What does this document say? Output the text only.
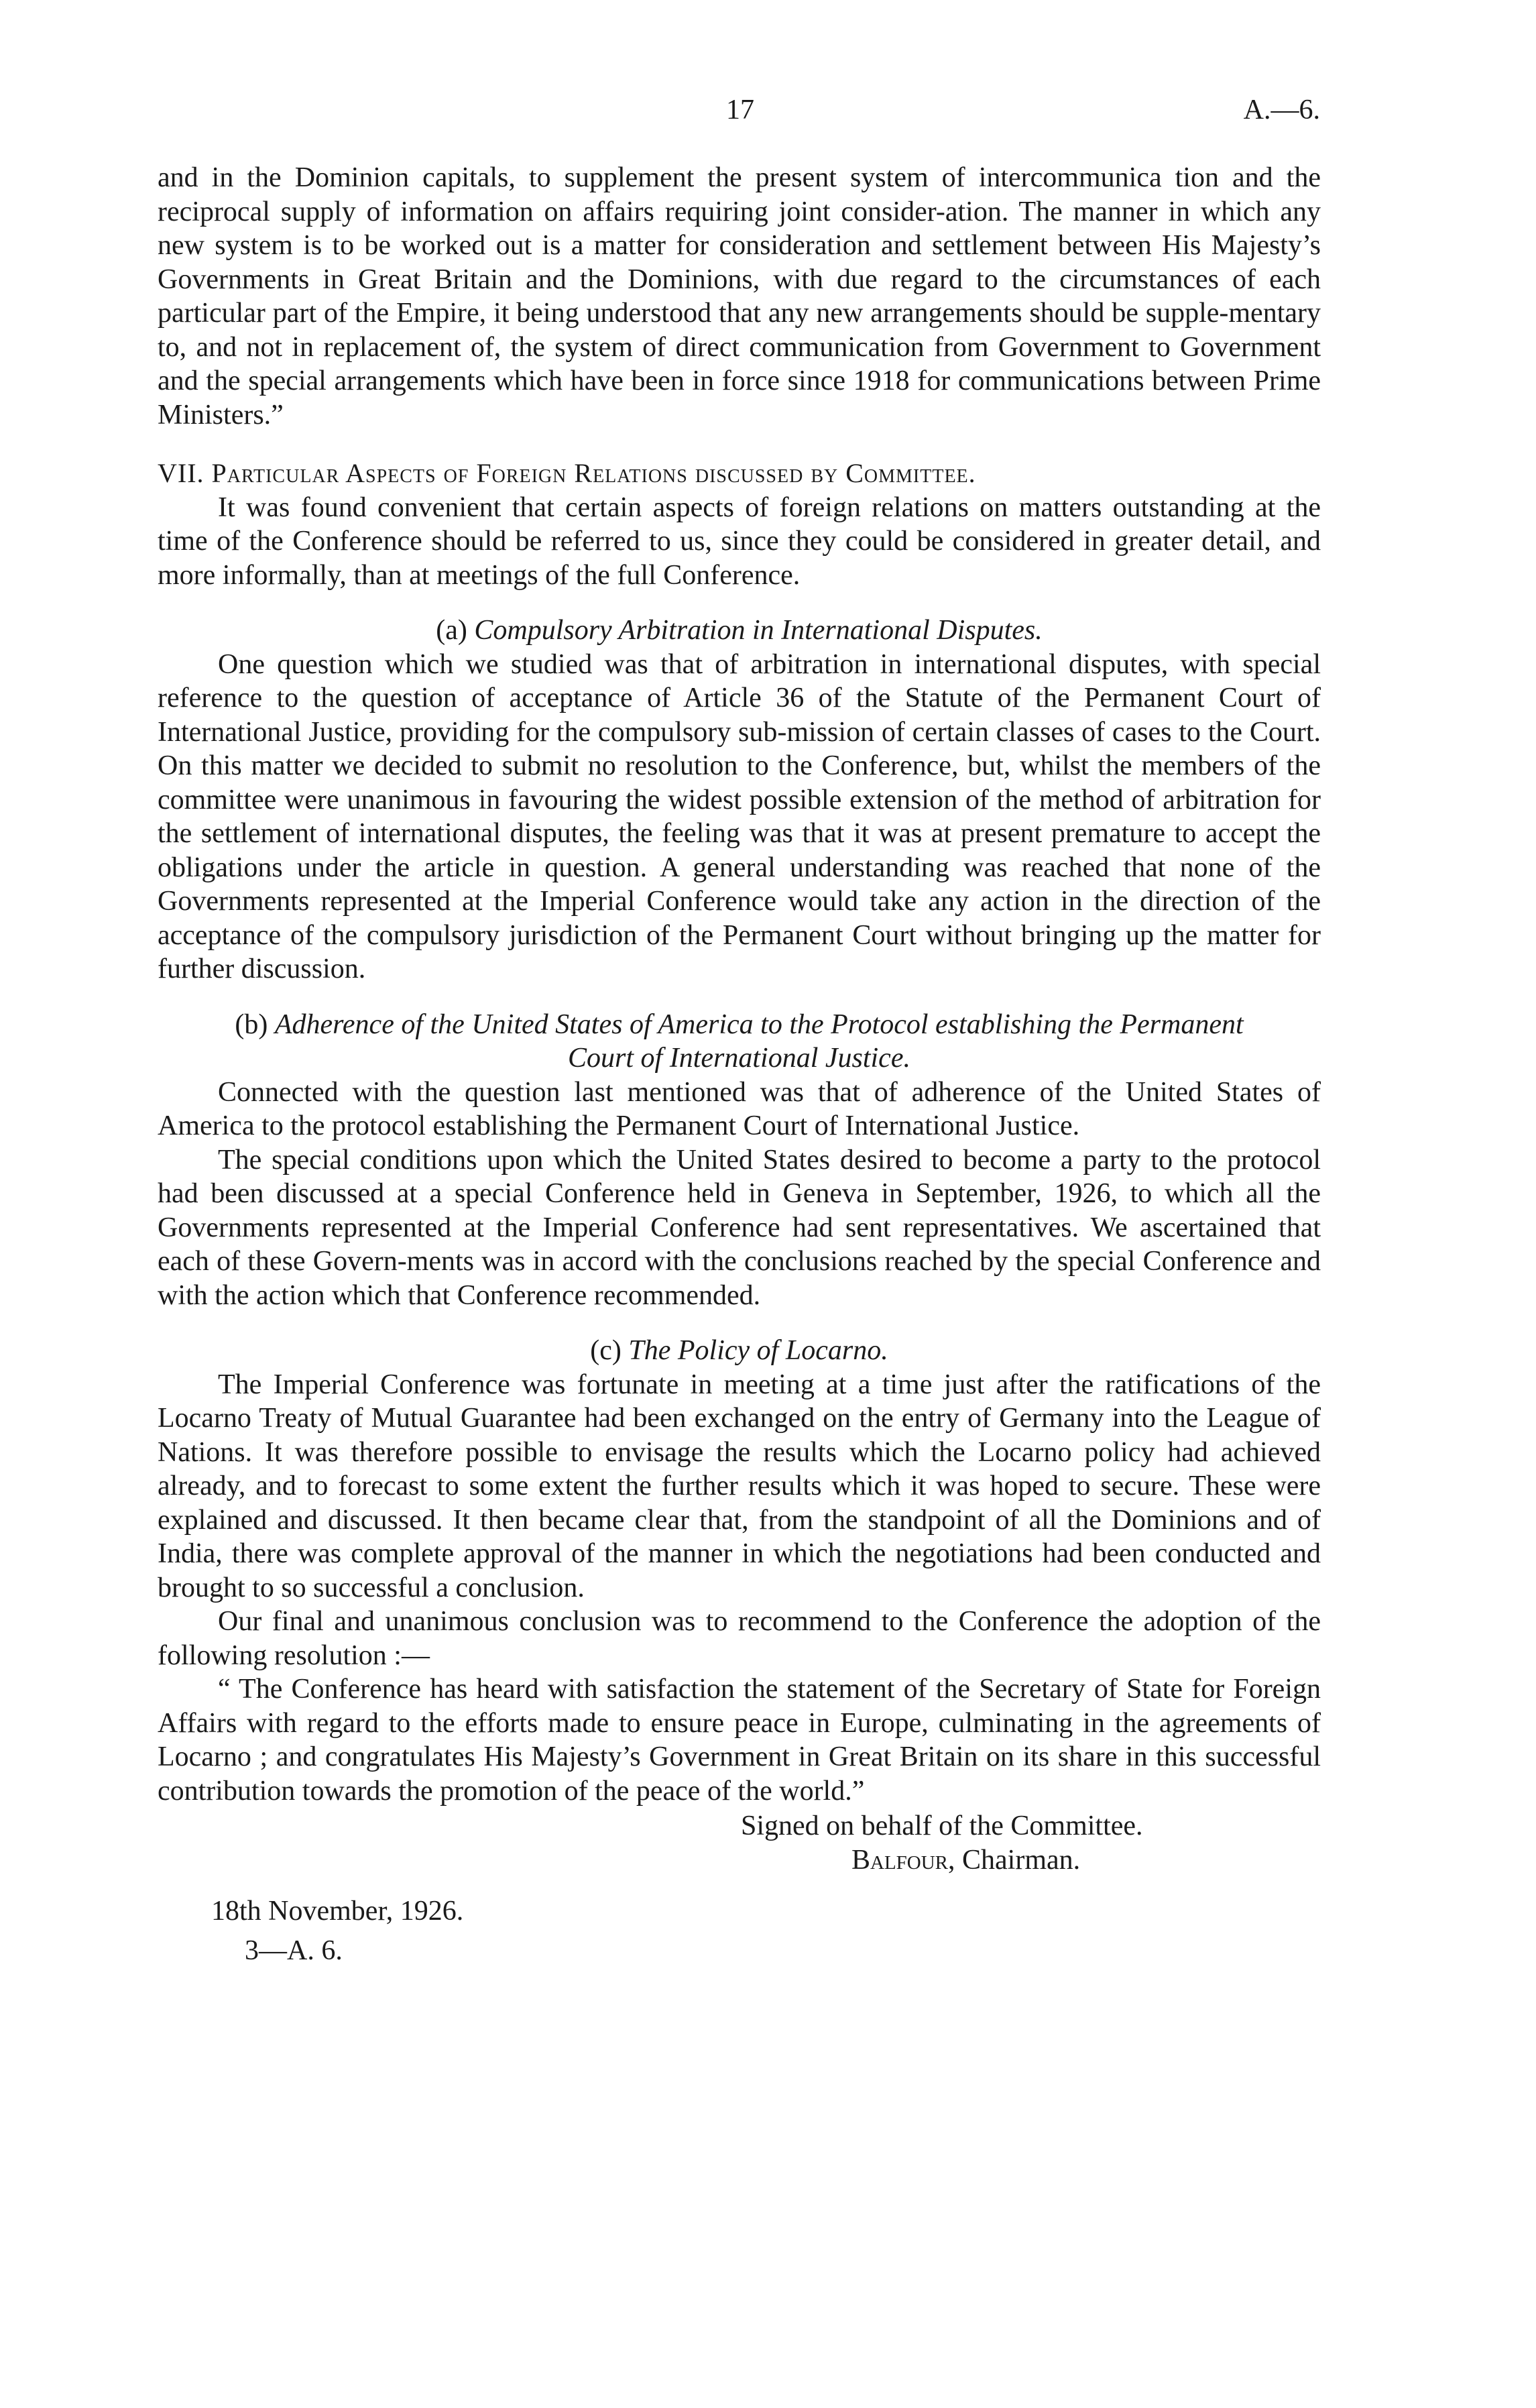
17	A.—6.

and in the Dominion capitals, to supplement the present system of intercommunica tion and the reciprocal supply of information on affairs requiring joint consider-ation. The manner in which any new system is to be worked out is a matter for consideration and settlement between His Majesty’s Governments in Great Britain and the Dominions, with due regard to the circumstances of each particular part of the Empire, it being understood that any new arrangements should be supple-mentary to, and not in replacement of, the system of direct communication from Government to Government and the special arrangements which have been in force since 1918 for communications between Prime Ministers.”

VII. Particular Aspects of Foreign Relations discussed by Committee.

It was found convenient that certain aspects of foreign relations on matters outstanding at the time of the Conference should be referred to us, since they could be considered in greater detail, and more informally, than at meetings of the full Conference.

(a) Compulsory Arbitration in International Disputes.

One question which we studied was that of arbitration in international disputes, with special reference to the question of acceptance of Article 36 of the Statute of the Permanent Court of International Justice, providing for the compulsory sub-mission of certain classes of cases to the Court. On this matter we decided to submit no resolution to the Conference, but, whilst the members of the committee were unanimous in favouring the widest possible extension of the method of arbitration for the settlement of international disputes, the feeling was that it was at present premature to accept the obligations under the article in question. A general understanding was reached that none of the Governments represented at the Imperial Conference would take any action in the direction of the acceptance of the compulsory jurisdiction of the Permanent Court without bringing up the matter for further discussion.

(b) Adherence of the United States of America to the Protocol establishing the Permanent
Court of International Justice.

Connected with the question last mentioned was that of adherence of the United States of America to the protocol establishing the Permanent Court of International Justice.

The special conditions upon which the United States desired to become a party to the protocol had been discussed at a special Conference held in Geneva in September, 1926, to which all the Governments represented at the Imperial Conference had sent representatives. We ascertained that each of these Govern-ments was in accord with the conclusions reached by the special Conference and with the action which that Conference recommended.

(c) The Policy of Locarno.

The Imperial Conference was fortunate in meeting at a time just after the ratifications of the Locarno Treaty of Mutual Guarantee had been exchanged on the entry of Germany into the League of Nations. It was therefore possible to envisage the results which the Locarno policy had achieved already, and to forecast to some extent the further results which it was hoped to secure. These were explained and discussed. It then became clear that, from the standpoint of all the Dominions and of India, there was complete approval of the manner in which the negotiations had been conducted and brought to so successful a conclusion.

Our final and unanimous conclusion was to recommend to the Conference the adoption of the following resolution :—

“ The Conference has heard with satisfaction the statement of the Secretary of State for Foreign Affairs with regard to the efforts made to ensure peace in Europe, culminating in the agreements of Locarno ; and congratulates His Majesty’s Government in Great Britain on its share in this successful contribution towards the promotion of the peace of the world.”

Signed on behalf of the Committee.

Balfour, Chairman.

18th November, 1926.

3—A. 6.
